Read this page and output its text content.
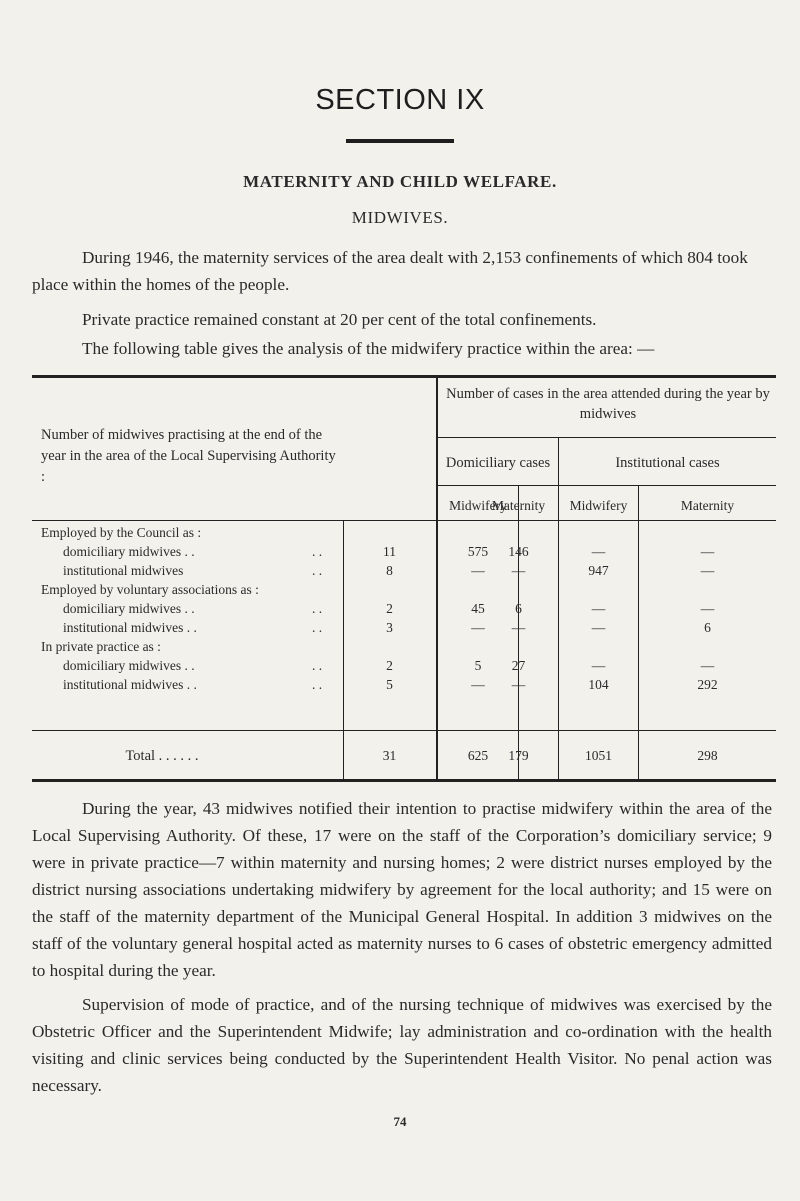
SECTION IX
MATERNITY AND CHILD WELFARE.
MIDWIVES.

During 1946, the maternity services of the area dealt with 2,153 confinements of which 804 took place within the homes of the people.

Private practice remained constant at 20 per cent of the total confinements.

The following table gives the analysis of the midwifery practice within the area: —

Number of midwives practising at the end of the year in the area of the Local Supervising Authority :
Number of cases in the area attended during the year by midwives
Domiciliary cases	Institutional cases
Midwifery
Maternity	Midwifery	Maternity
Employed by the Council as :
domiciliary midwives . .	. .	11	575	146	—	—
institutional midwives	. .	8	—	—	947	—
Employed by voluntary associations as :
domiciliary midwives . .	. .	2	45	6	—	—
institutional midwives . .	. .	3	—	—	—	6
In private practice as :
domiciliary midwives . .	. .	2	5	27	—	—
institutional midwives . .	. .	5	—	—	104	292
Total . . . . . .	31	625	179	1051	298

During the year, 43 midwives notified their intention to practise midwifery within the area of the Local Supervising Authority. Of these, 17 were on the staff of the Corporation’s domiciliary service; 9 were in private practice—7 within maternity and nursing homes; 2 were district nurses employed by the district nursing associations undertaking midwifery by agreement for the local authority; and 15 were on the staff of the maternity department of the Municipal General Hospital. In addition 3 midwives on the staff of the voluntary general hospital acted as maternity nurses to 6 cases of obstetric emergency admitted to hospital during the year.

Supervision of mode of practice, and of the nursing technique of midwives was exercised by the Obstetric Officer and the Superintendent Midwife; lay administration and co-ordination with the health visiting and clinic services being conducted by the Superintendent Health Visitor. No penal action was necessary.

74
